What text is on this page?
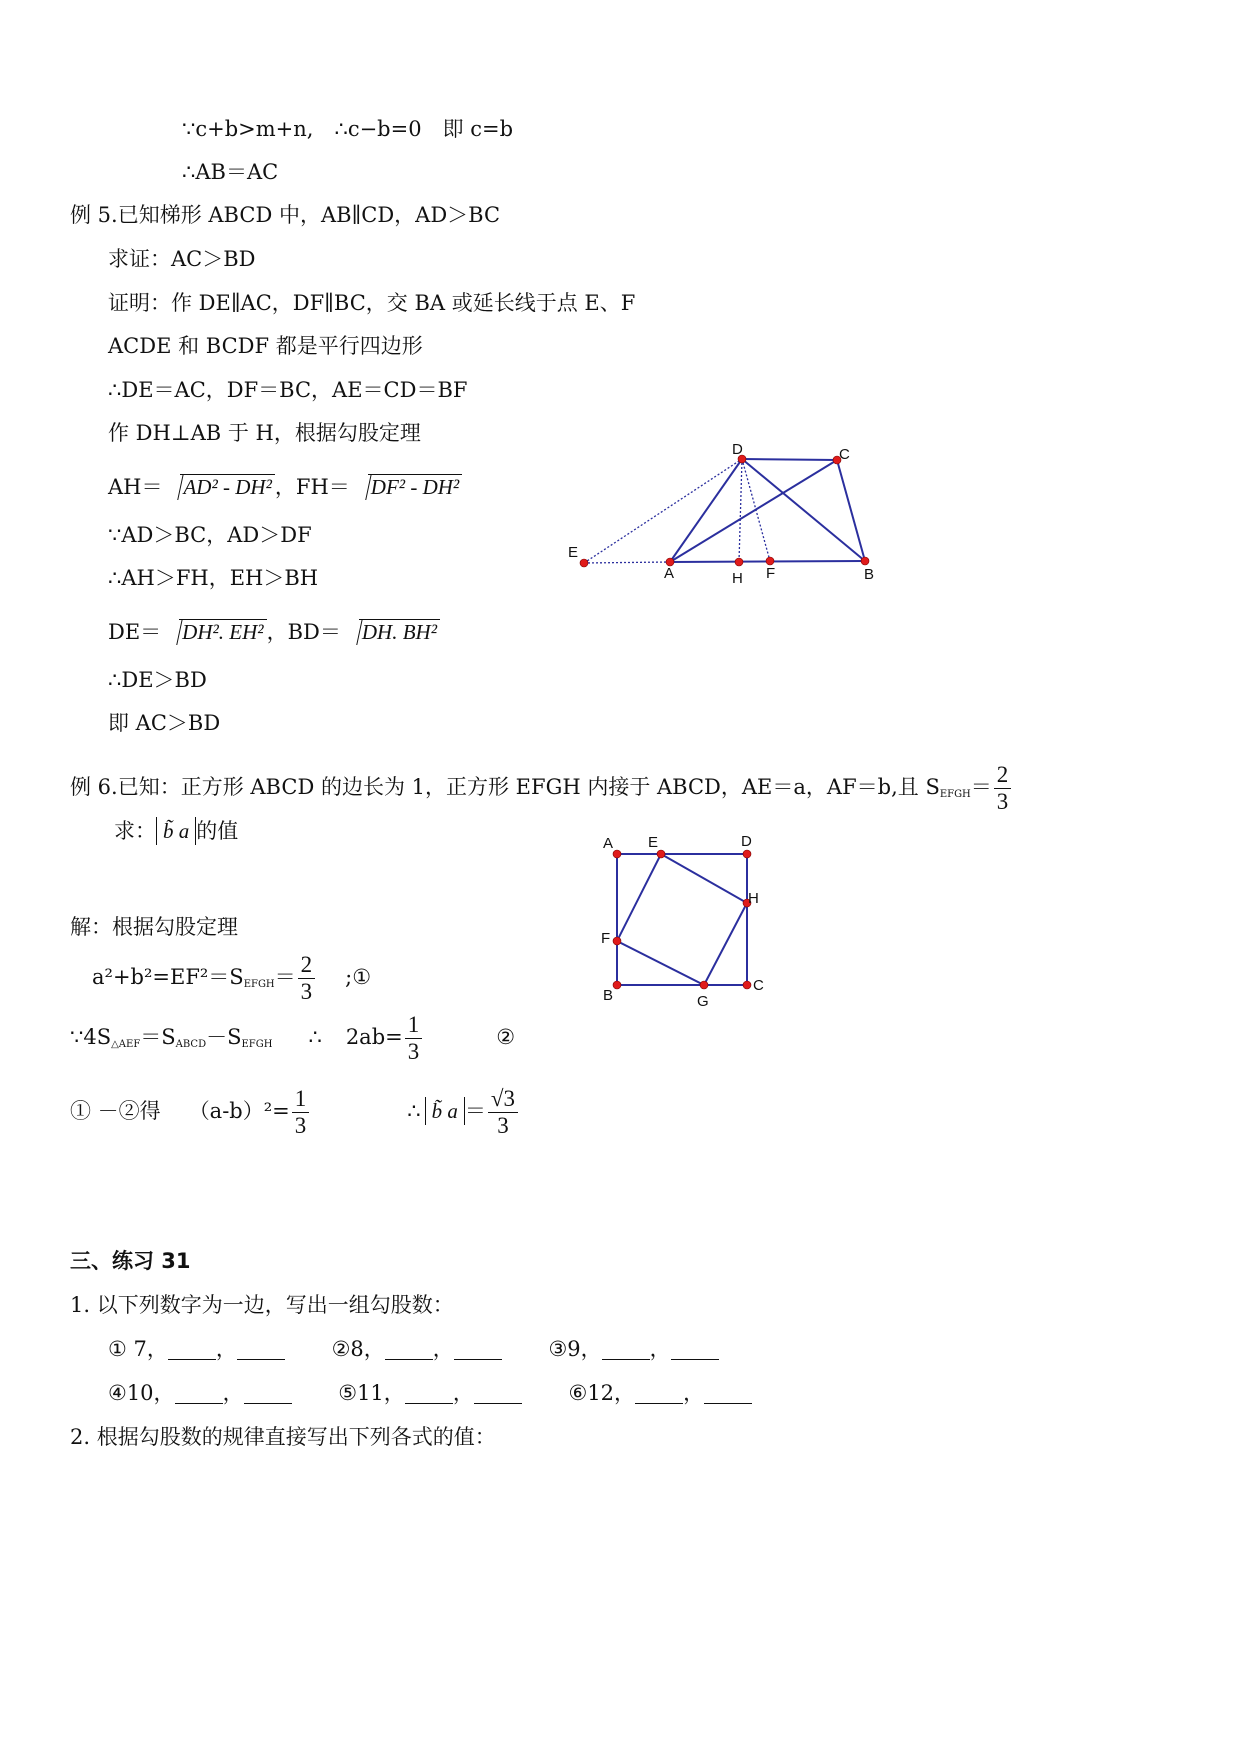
∵c+b>m+n,　∴c−b=0　即 c=b
∴AB＝AC
例 5.已知梯形 ABCD 中，AB∥CD，AD＞BC
求证：AC＞BD
证明：作 DE∥AC，DF∥BC，交 BA 或延长线于点 E、F
ACDE 和 BCDF 都是平行四边形
∴DE＝AC，DF＝BC，AE＝CD＝BF
作 DH⊥AB 于 H，根据勾股定理
AH＝ AD² - DH² ，FH＝ DF² - DH²
∵AD＞BC，AD＞DF
∴AH＞FH，EH＞BH
DE＝ DH². EH² ，BD＝ DH. BH²
∴DE＞BD
即 AC＞BD
D	C
E
A	H F	B
例 6.已知：正方形 ABCD 的边长为 1，正方形 EFGH 内接于 ABCD，AE＝a，AF＝b,且 $S_{EFGH}= \frac{2}{3}$
求： b̃ a 的值
解：根据勾股定理
$a^2+b^2=EF^2=S_{EFGH}= \frac{2}{3}$ ;①
$\because 4S_{\triangle AEF}=S_{ABCD}-S_{EFGH}$ ∴ $2ab= \frac{1}{3}$	②
① －②得 $(a-b)^2= \frac{1}{3}$	∴ b̃ $a = \frac{√3}{3}$
A E	D
H
F
B	G
C
三、练习 31
1. 以下列数字为一边，写出一组勾股数：
① 7， ，	②8， ，	③9， ，
④10， ，	⑤11， ，	⑥12， ，
2. 根据勾股数的规律直接写出下列各式的值：
